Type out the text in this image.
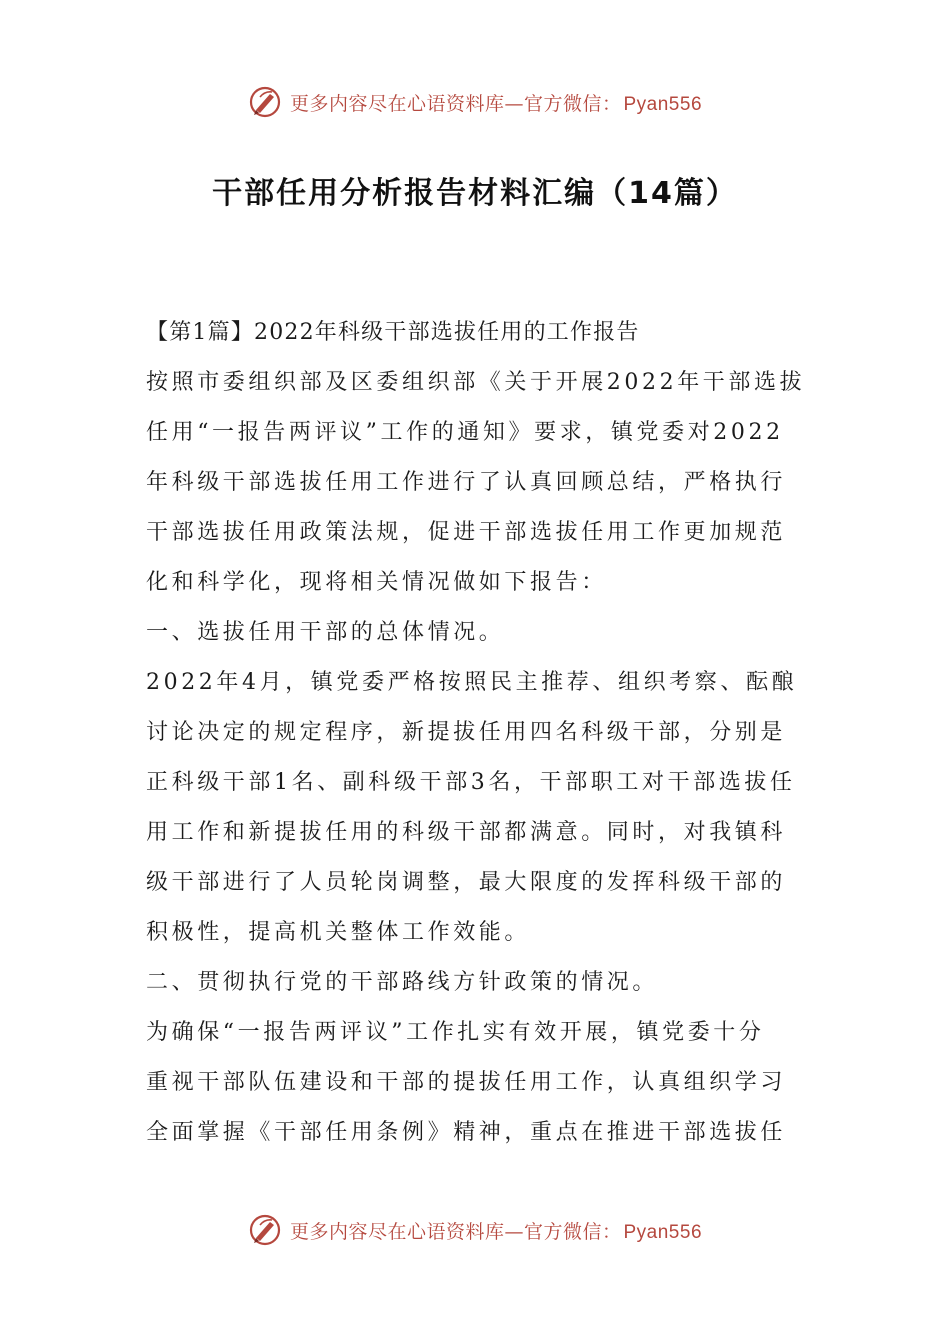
更多内容尽在心语资料库—官方微信： Pyan556
干部任用分析报告材料汇编（14篇）

【第1篇】2022年科级干部选拔任用的工作报告

按照市委组织部及区委组织部《关于开展2022年干部选拔

任用“一报告两评议”工作的通知》要求，镇党委对2022

年科级干部选拔任用工作进行了认真回顾总结，严格执行

干部选拔任用政策法规，促进干部选拔任用工作更加规范

化和科学化，现将相关情况做如下报告：

一、选拔任用干部的总体情况。

2022年4月，镇党委严格按照民主推荐、组织考察、酝酿

讨论决定的规定程序，新提拔任用四名科级干部，分别是

正科级干部1名、副科级干部3名，干部职工对干部选拔任

用工作和新提拔任用的科级干部都满意。同时，对我镇科

级干部进行了人员轮岗调整，最大限度的发挥科级干部的

积极性，提高机关整体工作效能。

二、贯彻执行党的干部路线方针政策的情况。

为确保“一报告两评议”工作扎实有效开展，镇党委十分

重视干部队伍建设和干部的提拔任用工作，认真组织学习

全面掌握《干部任用条例》精神，重点在推进干部选拔任

更多内容尽在心语资料库—官方微信： Pyan556
